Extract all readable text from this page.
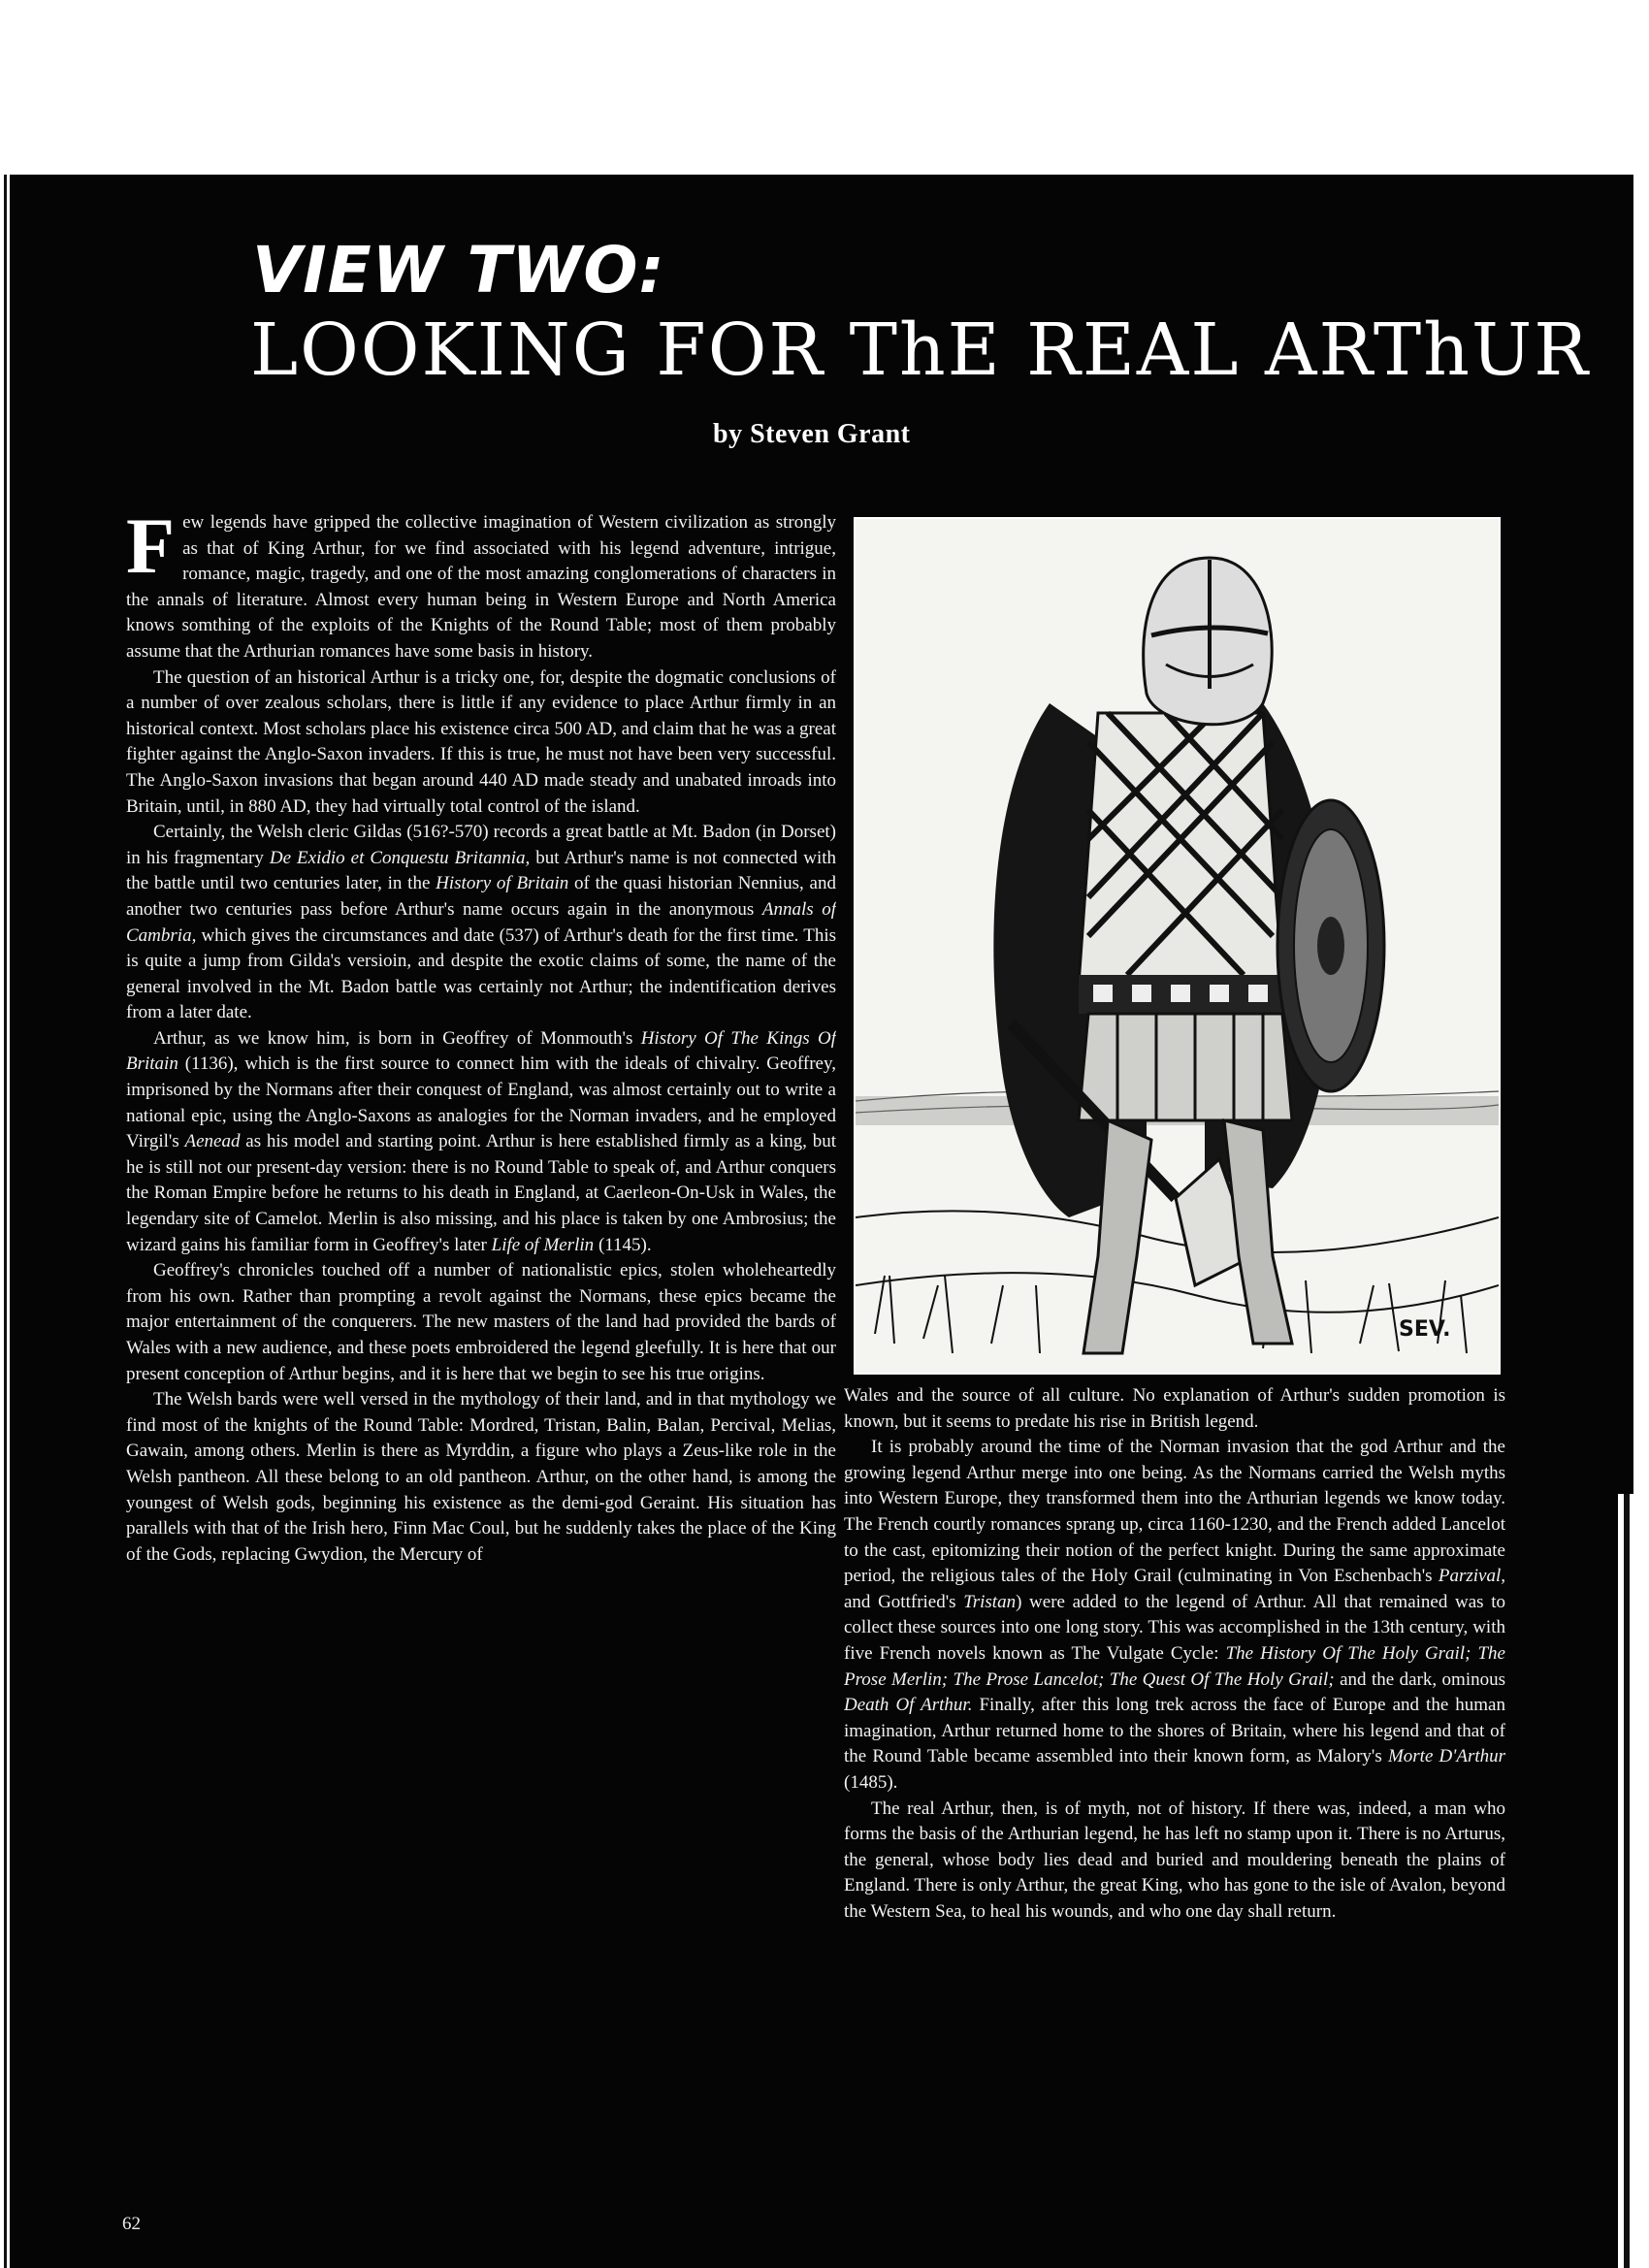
VIEW TWO:
LOOKING FOR ThE REAL ARThUR
by Steven Grant

Few legends have gripped the collective imagination of Western civilization as strongly as that of King Arthur, for we find associated with his legend adventure, intrigue, romance, magic, tragedy, and one of the most amazing conglomerations of characters in the annals of literature. Almost every human being in Western Europe and North America knows somthing of the exploits of the Knights of the Round Table; most of them probably assume that the Arthurian romances have some basis in history.

The question of an historical Arthur is a tricky one, for, despite the dogmatic conclusions of a number of over zealous scholars, there is little if any evidence to place Arthur firmly in an historical context. Most scholars place his existence circa 500 AD, and claim that he was a great fighter against the Anglo-Saxon invaders. If this is true, he must not have been very successful. The Anglo-Saxon invasions that began around 440 AD made steady and unabated inroads into Britain, until, in 880 AD, they had virtually total control of the island.

Certainly, the Welsh cleric Gildas (516?-570) records a great battle at Mt. Badon (in Dorset) in his fragmentary De Exidio et Conquestu Britannia, but Arthur's name is not connected with the battle until two centuries later, in the History of Britain of the quasi historian Nennius, and another two centuries pass before Arthur's name occurs again in the anonymous Annals of Cambria, which gives the circumstances and date (537) of Arthur's death for the first time. This is quite a jump from Gilda's versioin, and despite the exotic claims of some, the name of the general involved in the Mt. Badon battle was certainly not Arthur; the indentification derives from a later date.

Arthur, as we know him, is born in Geoffrey of Monmouth's History Of The Kings Of Britain (1136), which is the first source to connect him with the ideals of chivalry. Geoffrey, imprisoned by the Normans after their conquest of England, was almost certainly out to write a national epic, using the Anglo-Saxons as analogies for the Norman invaders, and he employed Virgil's Aenead as his model and starting point. Arthur is here established firmly as a king, but he is still not our present-day version: there is no Round Table to speak of, and Arthur conquers the Roman Empire before he returns to his death in England, at Caerleon-On-Usk in Wales, the legendary site of Camelot. Merlin is also missing, and his place is taken by one Ambrosius; the wizard gains his familiar form in Geoffrey's later Life of Merlin (1145).

Geoffrey's chronicles touched off a number of nationalistic epics, stolen wholeheartedly from his own. Rather than prompting a revolt against the Normans, these epics became the major entertainment of the conquerers. The new masters of the land had provided the bards of Wales with a new audience, and these poets embroidered the legend gleefully. It is here that our present conception of Arthur begins, and it is here that we begin to see his true origins.

The Welsh bards were well versed in the mythology of their land, and in that mythology we find most of the knights of the Round Table: Mordred, Tristan, Balin, Balan, Percival, Melias, Gawain, among others. Merlin is there as Myrddin, a figure who plays a Zeus-like role in the Welsh pantheon. All these belong to an old pantheon. Arthur, on the other hand, is among the youngest of Welsh gods, beginning his existence as the demi-god Geraint. His situation has parallels with that of the Irish hero, Finn Mac Coul, but he suddenly takes the place of the King of the Gods, replacing Gwydion, the Mercury of

SEV.

Wales and the source of all culture. No explanation of Arthur's sudden promotion is known, but it seems to predate his rise in British legend.

It is probably around the time of the Norman invasion that the god Arthur and the growing legend Arthur merge into one being. As the Normans carried the Welsh myths into Western Europe, they transformed them into the Arthurian legends we know today. The French courtly romances sprang up, circa 1160-1230, and the French added Lancelot to the cast, epitomizing their notion of the perfect knight. During the same approximate period, the religious tales of the Holy Grail (culminating in Von Eschenbach's Parzival, and Gottfried's Tristan) were added to the legend of Arthur. All that remained was to collect these sources into one long story. This was accomplished in the 13th century, with five French novels known as The Vulgate Cycle: The History Of The Holy Grail; The Prose Merlin; The Prose Lancelot; The Quest Of The Holy Grail; and the dark, ominous Death Of Arthur. Finally, after this long trek across the face of Europe and the human imagination, Arthur returned home to the shores of Britain, where his legend and that of the Round Table became assembled into their known form, as Malory's Morte D'Arthur (1485).

The real Arthur, then, is of myth, not of history. If there was, indeed, a man who forms the basis of the Arthurian legend, he has left no stamp upon it. There is no Arturus, the general, whose body lies dead and buried and mouldering beneath the plains of England. There is only Arthur, the great King, who has gone to the isle of Avalon, beyond the Western Sea, to heal his wounds, and who one day shall return.

62
